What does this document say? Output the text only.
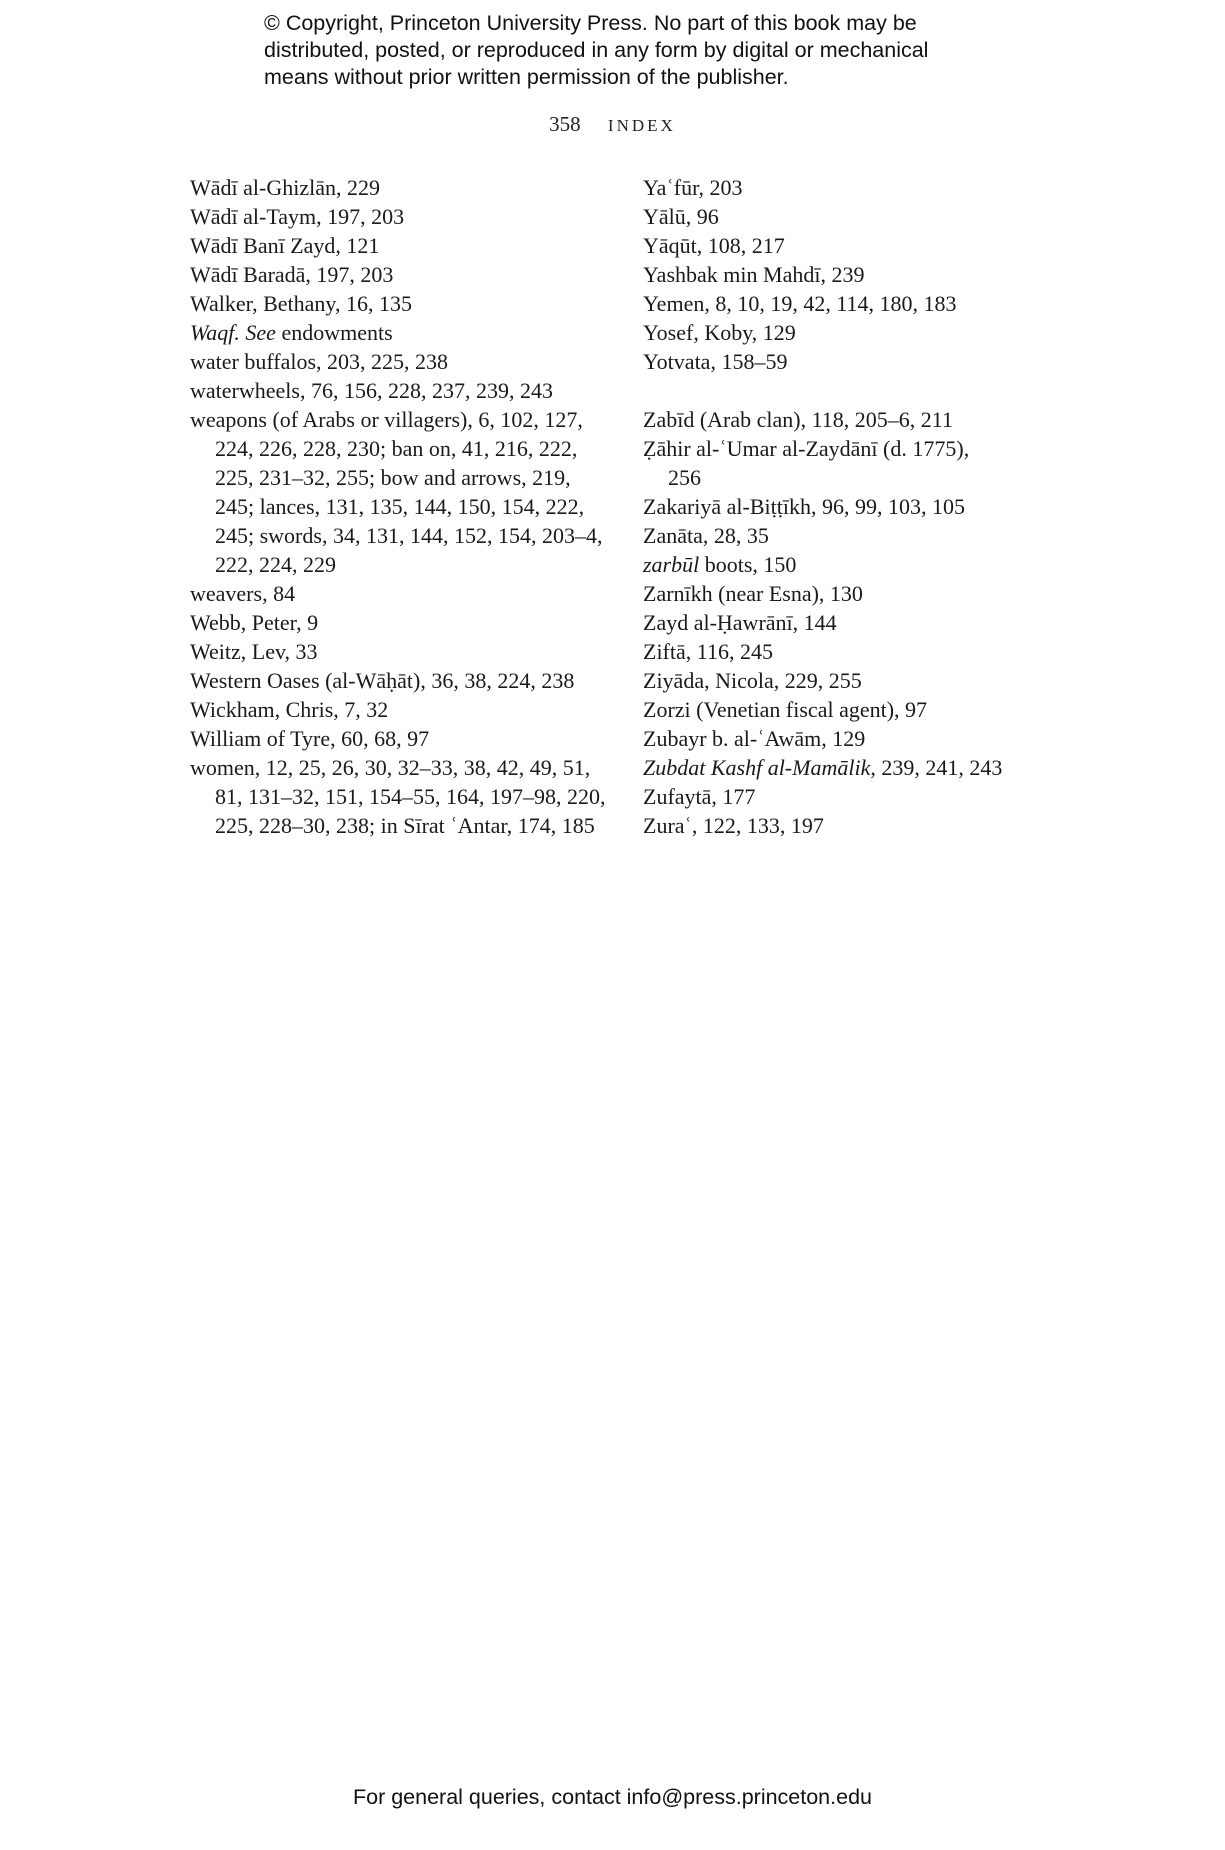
© Copyright, Princeton University Press. No part of this book may be
distributed, posted, or reproduced in any form by digital or mechanical
means without prior written permission of the publisher.
358 INDEX
Wādī al-Ghizlān, 229
Wādī al-Taym, 197, 203
Wādī Banī Zayd, 121
Wādī Baradā, 197, 203
Walker, Bethany, 16, 135
Waqf. See endowments
water buffalos, 203, 225, 238
waterwheels, 76, 156, 228, 237, 239, 243
weapons (of Arabs or villagers), 6, 102, 127,
224, 226, 228, 230; ban on, 41, 216, 222,
225, 231–32, 255; bow and arrows, 219,
245; lances, 131, 135, 144, 150, 154, 222,
245; swords, 34, 131, 144, 152, 154, 203–4,
222, 224, 229
weavers, 84
Webb, Peter, 9
Weitz, Lev, 33
Western Oases (al-Wāḥāt), 36, 38, 224, 238
Wickham, Chris, 7, 32
William of Tyre, 60, 68, 97
women, 12, 25, 26, 30, 32–33, 38, 42, 49, 51,
81, 131–32, 151, 154–55, 164, 197–98, 220,
225, 228–30, 238; in Sīrat ʿAntar, 174, 185
Yaʿfūr, 203
Yālū, 96
Yāqūt, 108, 217
Yashbak min Mahdī, 239
Yemen, 8, 10, 19, 42, 114, 180, 183
Yosef, Koby, 129
Yotvata, 158–59
Zabīd (Arab clan), 118, 205–6, 211
Ẓāhir al-ʿUmar al-Zaydānī (d. 1775),
256
Zakariyā al-Biṭṭīkh, 96, 99, 103, 105
Zanāta, 28, 35
zarbūl boots, 150
Zarnīkh (near Esna), 130
Zayd al-Ḥawrānī, 144
Ziftā, 116, 245
Ziyāda, Nicola, 229, 255
Zorzi (Venetian fiscal agent), 97
Zubayr b. al-ʿAwām, 129
Zubdat Kashf al-Mamālik, 239, 241, 243
Zufaytā, 177
Zuraʿ, 122, 133, 197
For general queries, contact info@press.princeton.edu
